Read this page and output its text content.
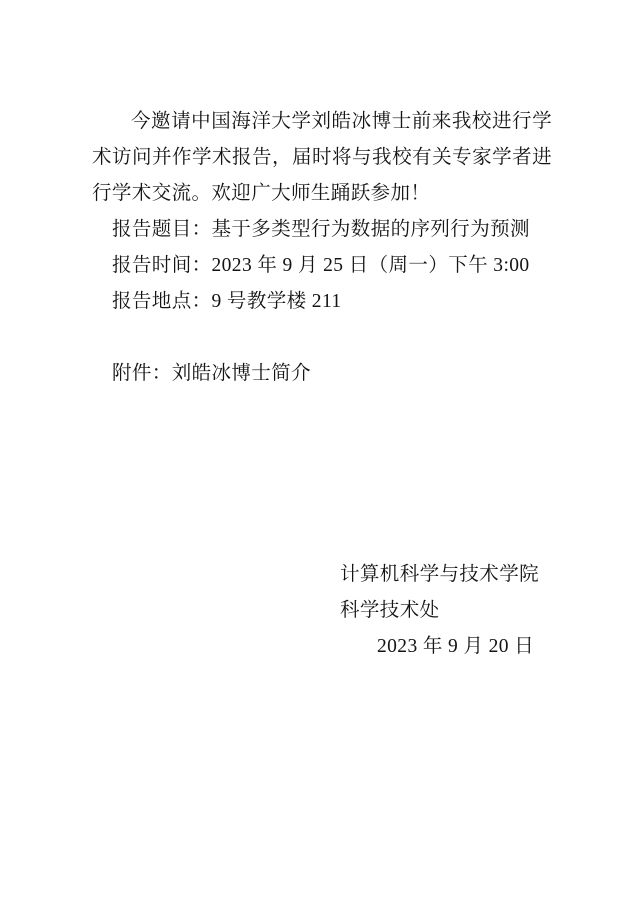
今邀请中国海洋大学刘皓冰博士前来我校进行学术访问并作学术报告，届时将与我校有关专家学者进行学术交流。欢迎广大师生踊跃参加！

报告题目：基于多类型行为数据的序列行为预测

报告时间：2023 年 9 月 25 日（周一）下午 3:00

报告地点：9 号教学楼 211

附件：刘皓冰博士简介

计算机科学与技术学院

科学技术处

2023 年 9 月 20 日
